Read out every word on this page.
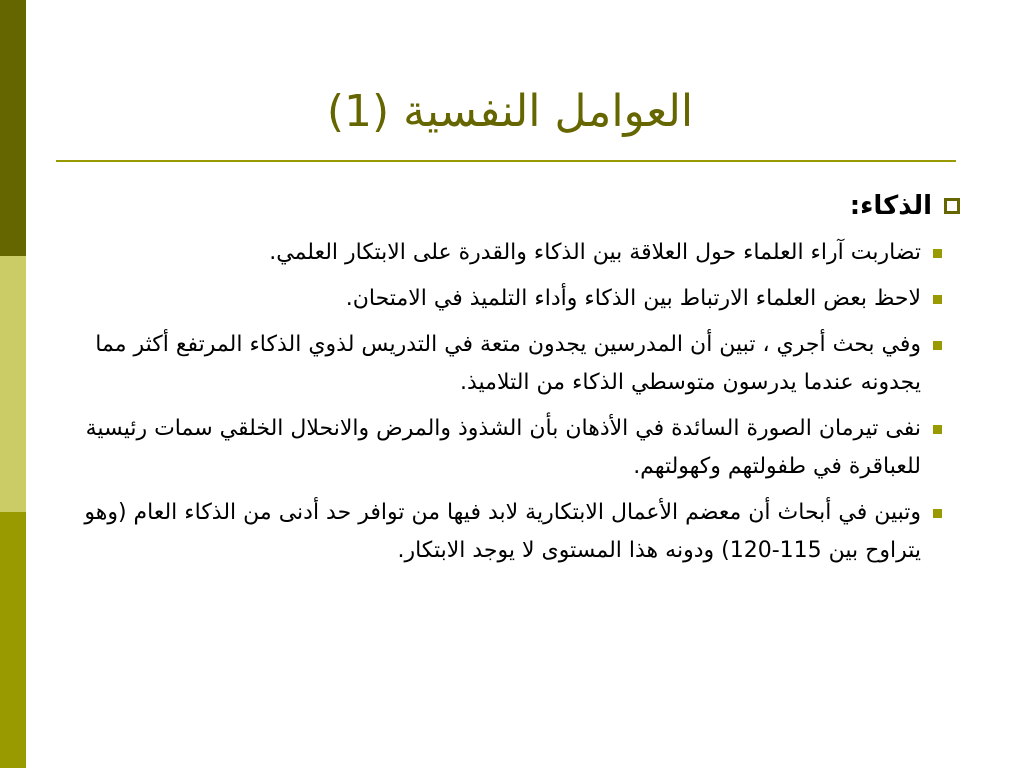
العوامل النفسية (1)
الذكاء:
تضاربت آراء العلماء حول العلاقة بين الذكاء والقدرة على الابتكار العلمي.
لاحظ بعض العلماء الارتباط بين الذكاء وأداء التلميذ في الامتحان.
وفي بحث أجري ، تبين أن المدرسين يجدون متعة في التدريس لذوي الذكاء المرتفع أكثر مما يجدونه عندما يدرسون متوسطي الذكاء من التلاميذ.
نفى تيرمان الصورة السائدة في الأذهان بأن الشذوذ والمرض والانحلال الخلقي سمات رئيسية للعباقرة في طفولتهم وكهولتهم.
وتبين في أبحاث أن معضم الأعمال الابتكارية لابد فيها من توافر حد أدنى من الذكاء العام (وهو يتراوح بين 115-120) ودونه هذا المستوى لا يوجد الابتكار.
